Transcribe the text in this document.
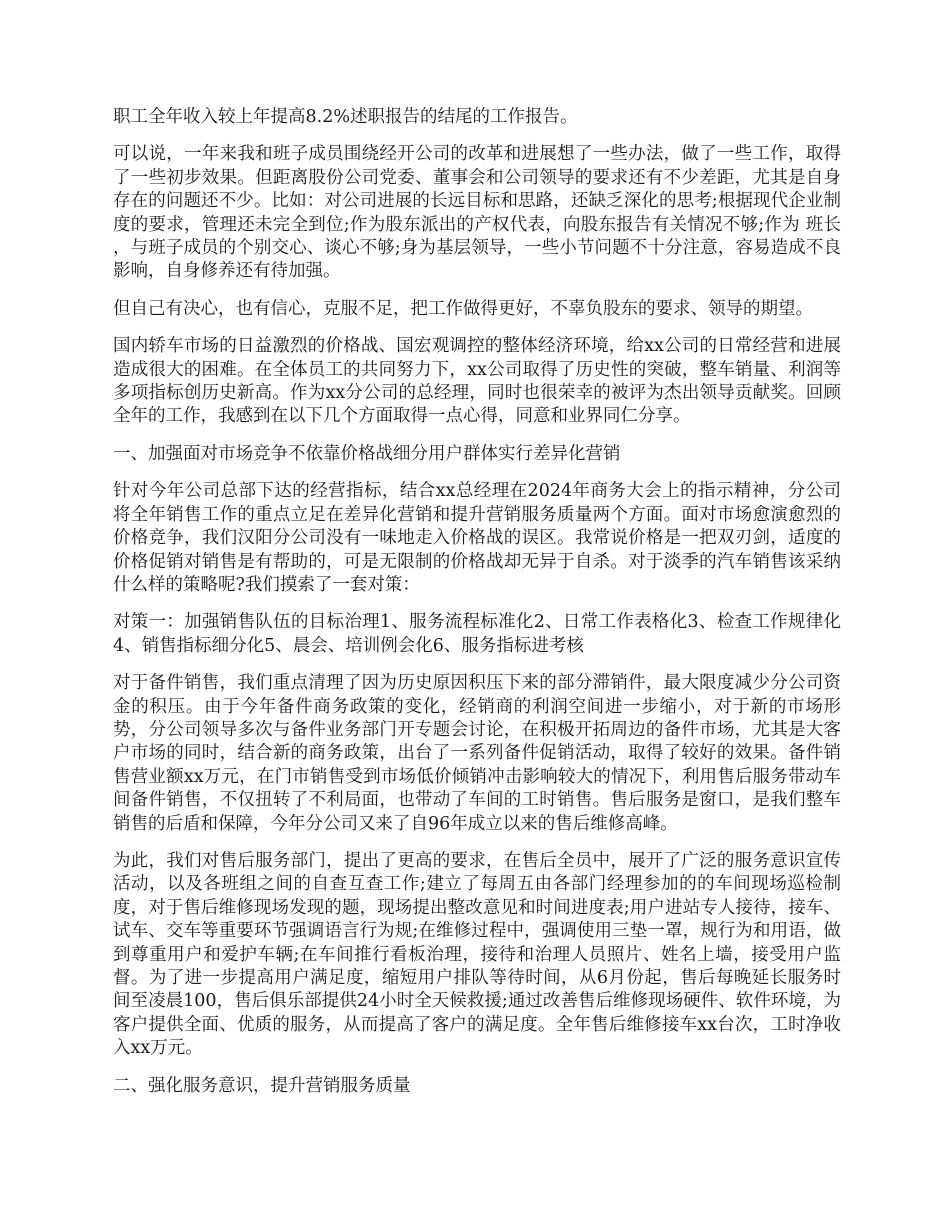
职工全年收入较上年提高8.2%述职报告的结尾的工作报告。

可以说，一年来我和班子成员围绕经开公司的改革和进展想了一些办法，做了一些工作，取得了一些初步效果。但距离股份公司党委、董事会和公司领导的要求还有不少差距，尤其是自身存在的问题还不少。比如：对公司进展的长远目标和思路，还缺乏深化的思考;根据现代企业制度的要求，管理还未完全到位;作为股东派出的产权代表，向股东报告有关情况不够;作为 班长 ，与班子成员的个别交心、谈心不够;身为基层领导，一些小节问题不十分注意，容易造成不良影响，自身修养还有待加强。

但自己有决心，也有信心，克服不足，把工作做得更好，不辜负股东的要求、领导的期望。

国内轿车市场的日益激烈的价格战、国宏观调控的整体经济环境，给xx公司的日常经营和进展造成很大的困难。在全体员工的共同努力下，xx公司取得了历史性的突破，整车销量、利润等多项指标创历史新高。作为xx分公司的总经理，同时也很荣幸的被评为杰出领导贡献奖。回顾全年的工作，我感到在以下几个方面取得一点心得，同意和业界同仁分享。

一、加强面对市场竞争不依靠价格战细分用户群体实行差异化营销

针对今年公司总部下达的经营指标，结合xx总经理在2024年商务大会上的指示精神，分公司将全年销售工作的重点立足在差异化营销和提升营销服务质量两个方面。面对市场愈演愈烈的价格竞争，我们汉阳分公司没有一味地走入价格战的误区。我常说价格是一把双刃剑，适度的价格促销对销售是有帮助的，可是无限制的价格战却无异于自杀。对于淡季的汽车销售该采纳什么样的策略呢?我们摸索了一套对策：

对策一：加强销售队伍的目标治理1、服务流程标准化2、日常工作表格化3、检查工作规律化4、销售指标细分化5、晨会、培训例会化6、服务指标进考核

对于备件销售，我们重点清理了因为历史原因积压下来的部分滞销件，最大限度减少分公司资金的积压。由于今年备件商务政策的变化，经销商的利润空间进一步缩小，对于新的市场形势，分公司领导多次与备件业务部门开专题会讨论，在积极开拓周边的备件市场，尤其是大客户市场的同时，结合新的商务政策，出台了一系列备件促销活动，取得了较好的效果。备件销售营业额xx万元，在门市销售受到市场低价倾销冲击影响较大的情况下，利用售后服务带动车间备件销售，不仅扭转了不利局面，也带动了车间的工时销售。售后服务是窗口，是我们整车销售的后盾和保障，今年分公司又来了自96年成立以来的售后维修高峰。

为此，我们对售后服务部门，提出了更高的要求，在售后全员中，展开了广泛的服务意识宣传活动，以及各班组之间的自查互查工作;建立了每周五由各部门经理参加的的车间现场巡检制度，对于售后维修现场发现的题，现场提出整改意见和时间进度表;用户进站专人接待，接车、试车、交车等重要环节强调语言行为规;在维修过程中，强调使用三垫一罩，规行为和用语，做到尊重用户和爱护车辆;在车间推行看板治理，接待和治理人员照片、姓名上墙，接受用户监督。为了进一步提高用户满足度，缩短用户排队等待时间，从6月份起，售后每晚延长服务时间至凌晨100，售后俱乐部提供24小时全天候救援;通过改善售后维修现场硬件、软件环境，为客户提供全面、优质的服务，从而提高了客户的满足度。全年售后维修接车xx台次，工时净收入xx万元。

二、强化服务意识，提升营销服务质量
